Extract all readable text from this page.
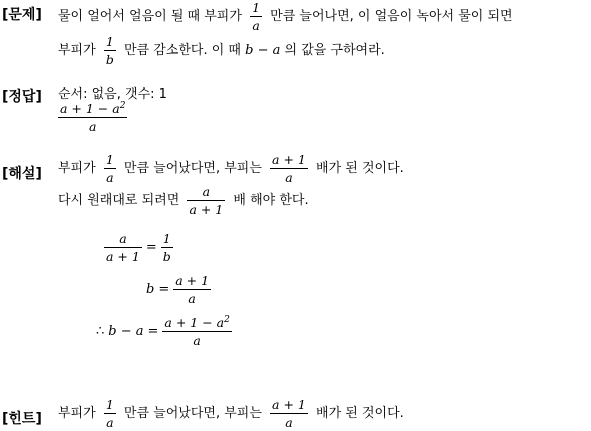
[문제] 물이 얼어서 얼음이 될 때 부피가 $\frac{1}{a}$ 만큼 늘어나면, 이 얼음이 녹아서 물이 되면
부피가 $\frac{1}{b}$ 만큼 감소한다. 이 때 b − a 의 값을 구하여라.
[정답] 순서: 없음, 갯수: 1
$\frac{a + 1 - a^2}{a}$
[해설] 부피가 $\frac{1}{a}$ 만큼 늘어났다면, 부피는 $\frac{a + 1}{a}$ 배가 된 것이다.
다시 원래대로 되려면 $\frac{a}{a + 1}$ 배 해야 한다.
$\frac{a}{a + 1} = \frac{1}{b}$
$b = \frac{a + 1}{a}$
∴ $b - a = \frac{a + 1 - a^2}{a}$
[힌트] 부피가 $\frac{1}{a}$ 만큼 늘어났다면, 부피는 $\frac{a + 1}{a}$ 배가 된 것이다.
